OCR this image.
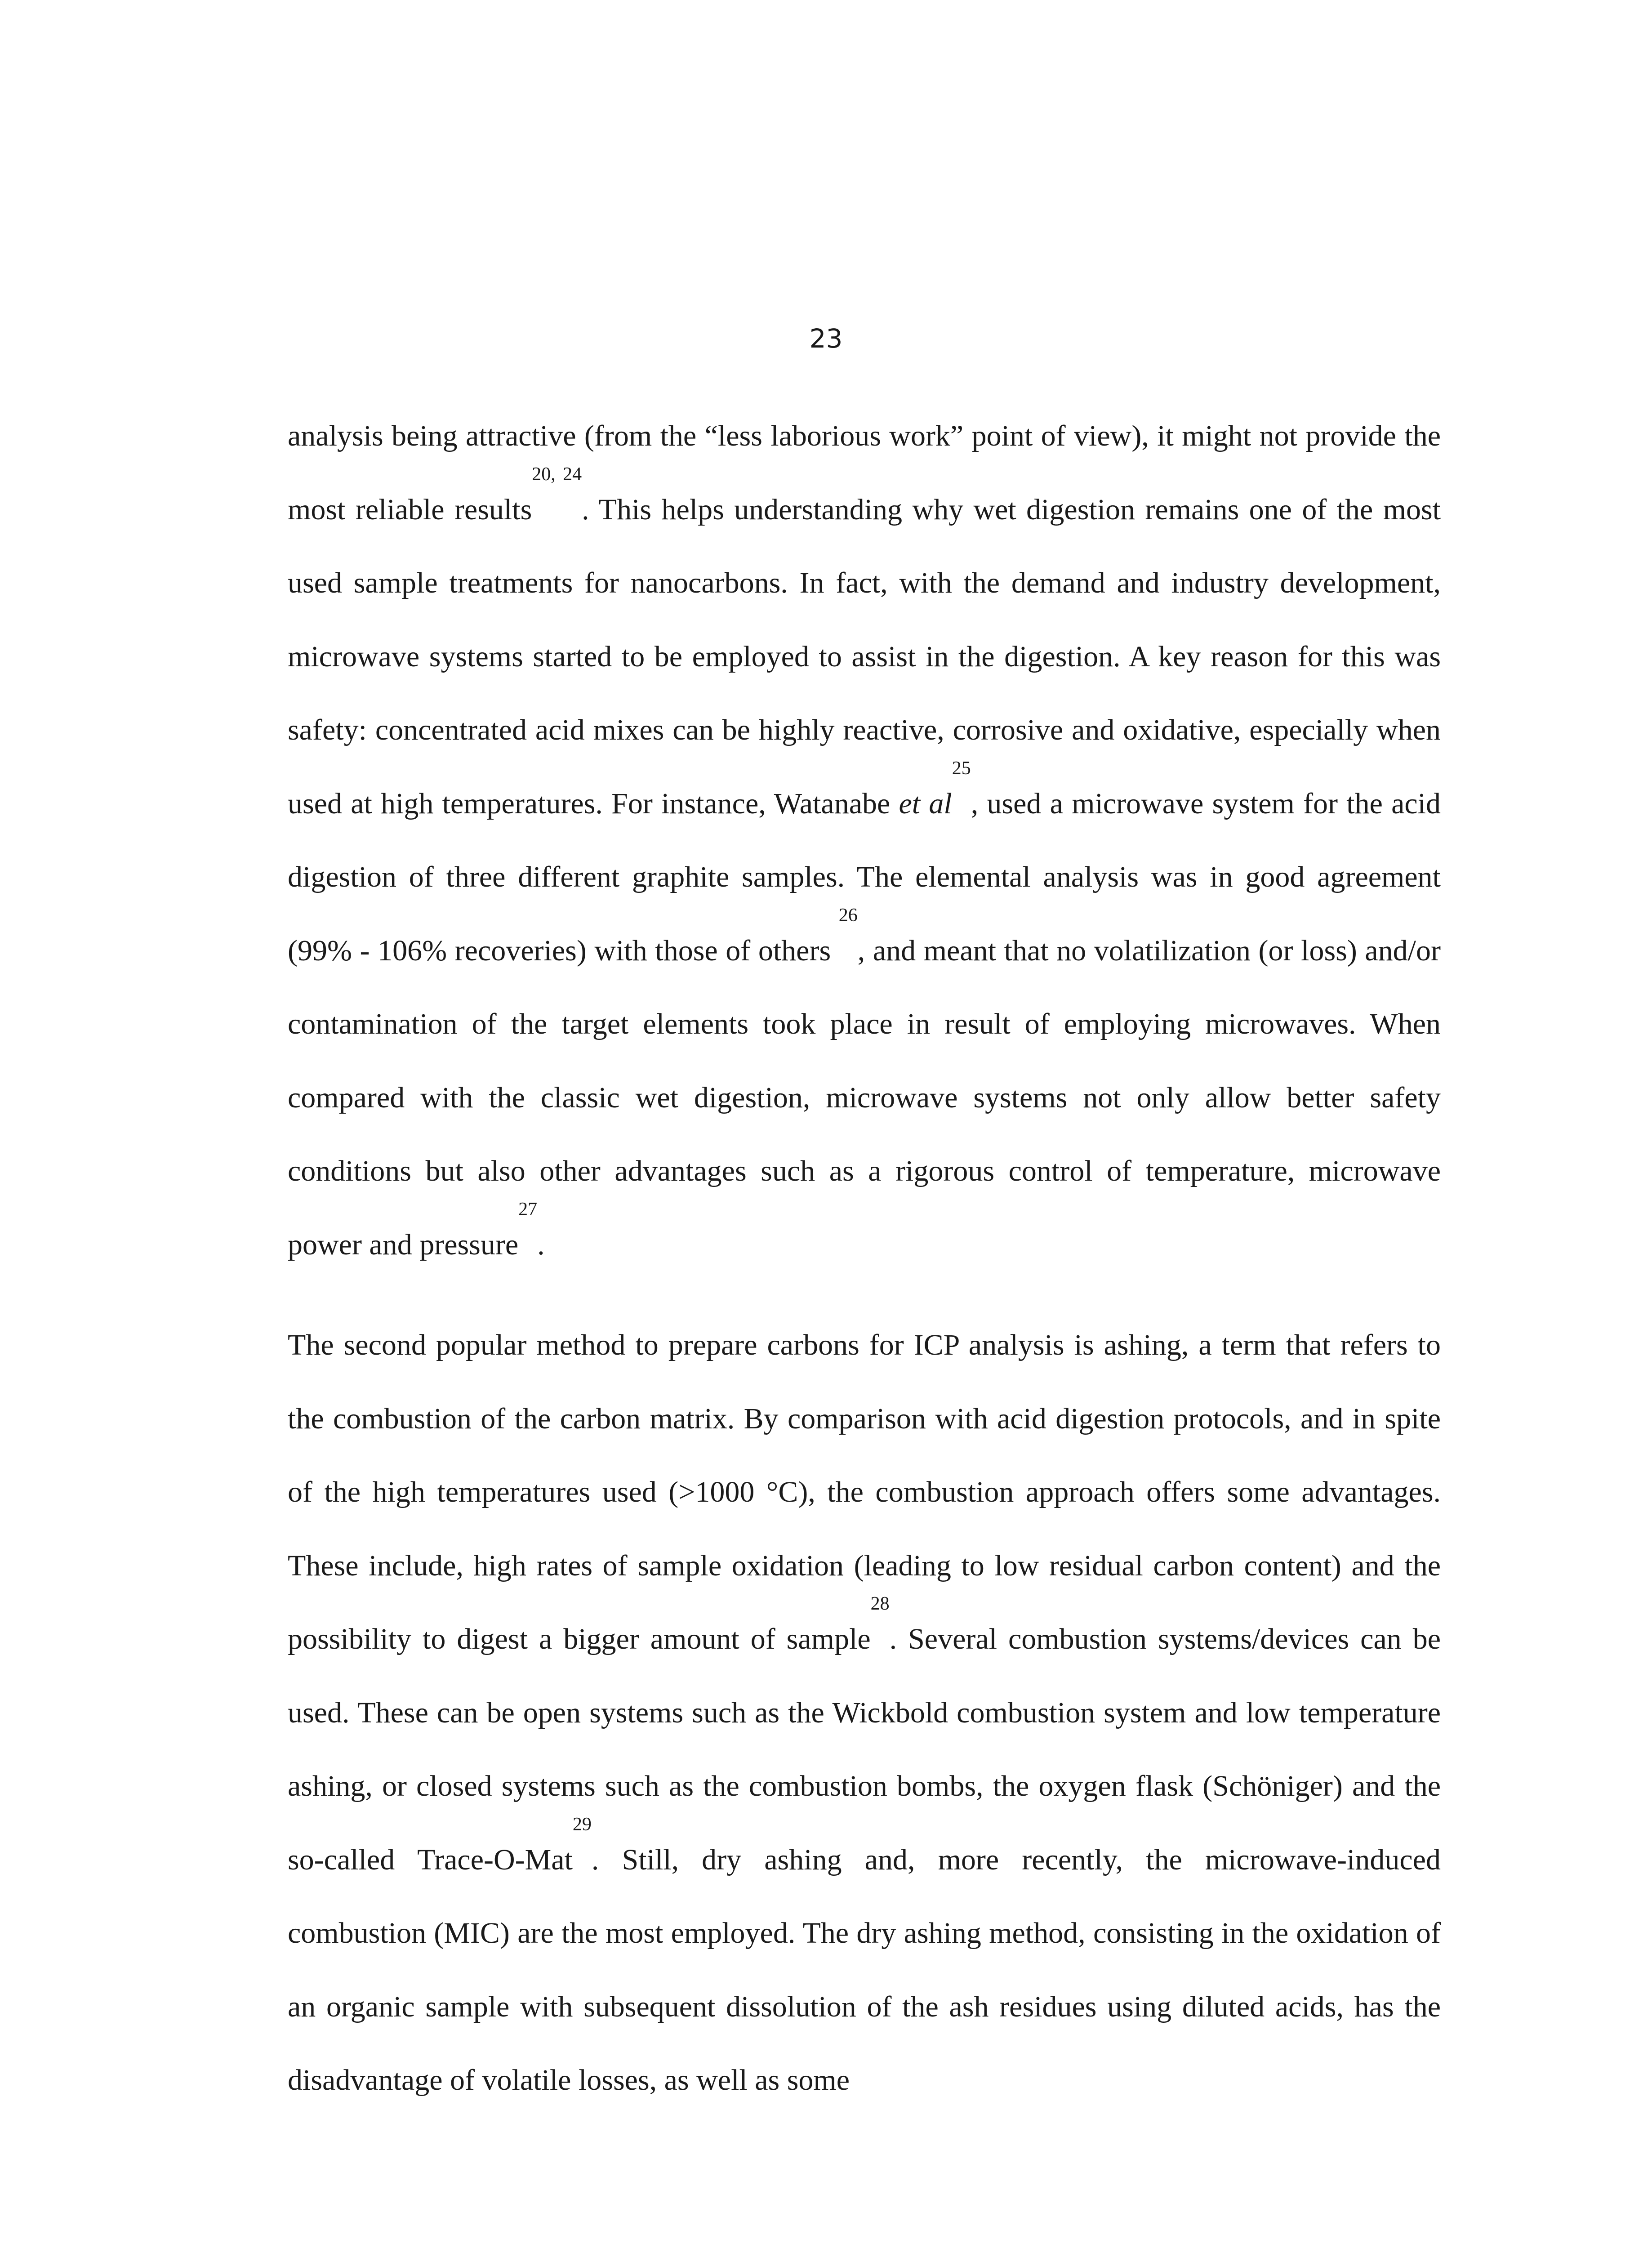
23

analysis being attractive (from the “less laborious work” point of view), it might not provide the most reliable results$^{20, 24}$. This helps understanding why wet digestion remains one of the most used sample treatments for nanocarbons. In fact, with the demand and industry development, microwave systems started to be employed to assist in the digestion. A key reason for this was safety: concentrated acid mixes can be highly reactive, corrosive and oxidative, especially when used at high temperatures. For instance, Watanabe et $al^{25}$, used a microwave system for the acid digestion of three different graphite samples. The elemental analysis was in good agreement (99% - 106% recoveries) with those of others $^{26}$, and meant that no volatilization (or loss) and/or contamination of the target elements took place in result of employing microwaves. When compared with the classic wet digestion, microwave systems not only allow better safety conditions but also other advantages such as a rigorous control of temperature, microwave power and pressure$^{27}$.

The second popular method to prepare carbons for ICP analysis is ashing, a term that refers to the combustion of the carbon matrix. By comparison with acid digestion protocols, and in spite of the high temperatures used (>1000 °C), the combustion approach offers some advantages. These include, high rates of sample oxidation (leading to low residual carbon content) and the possibility to digest a bigger amount of sample$^{28}$. Several combustion systems/devices can be used. These can be open systems such as the Wickbold combustion system and low temperature ashing, or closed systems such as the combustion bombs, the oxygen flask (Schöniger) and the so-called Trace-O-Mat$^{29}$. Still, dry ashing and, more recently, the microwave-induced combustion (MIC) are the most employed. The dry ashing method, consisting in the oxidation of an organic sample with subsequent dissolution of the ash residues using diluted acids, has the disadvantage of volatile losses, as well as some
